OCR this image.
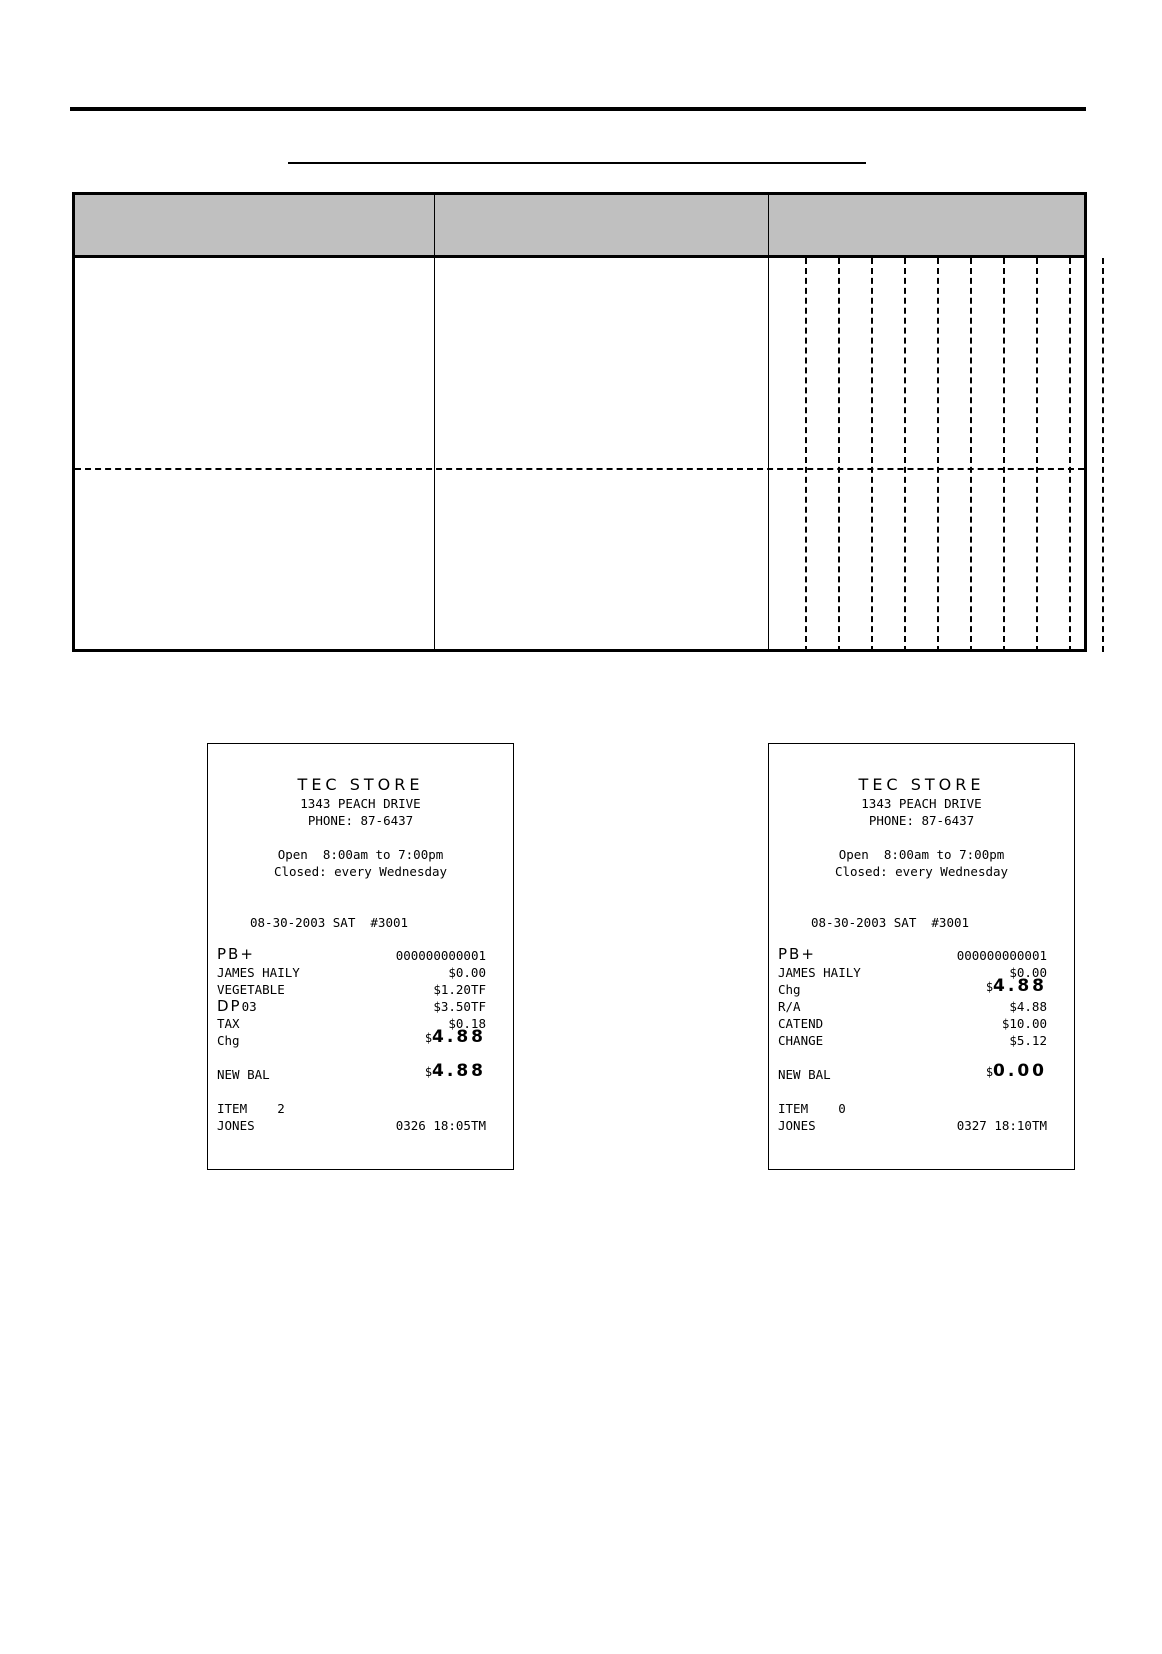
TEC STORE
1343 PEACH DRIVE
PHONE: 87-6437
Open  8:00am to 7:00pm
Closed: every Wednesday
08-30-2003 SAT  #3001
PB+	000000000001
JAMES HAILY	$0.00
VEGETABLE	$1.20TF
DP03	$3.50TF
TAX	$0.18
Chg	$4.88
NEW BAL	$4.88
ITEM    2
JONES	0326 18:05TM
TEC STORE
1343 PEACH DRIVE
PHONE: 87-6437
Open  8:00am to 7:00pm
Closed: every Wednesday
08-30-2003 SAT  #3001
PB+	000000000001
JAMES HAILY	$0.00
Chg	$4.88
R/A	$4.88
CATEND	$10.00
CHANGE	$5.12
NEW BAL	$0.00
ITEM    0
JONES	0327 18:10TM
